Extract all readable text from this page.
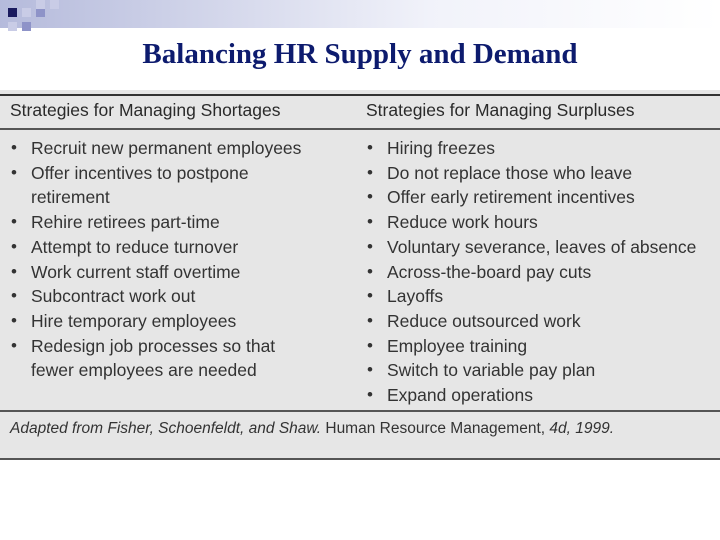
Balancing HR Supply and Demand
Strategies for Managing Shortages	Strategies for Managing Surpluses
• Recruit new permanent employees
• Offer incentives to postpone
retirement
• Rehire retirees part-time
• Attempt to reduce turnover
• Work current staff overtime
• Subcontract work out
• Hire temporary employees
• Redesign job processes so that
fewer employees are needed
• Hiring freezes
• Do not replace those who leave
• Offer early retirement incentives
• Reduce work hours
• Voluntary severance, leaves of absence
• Across-the-board pay cuts
• Layoffs
• Reduce outsourced work
• Employee training
• Switch to variable pay plan
• Expand operations
Adapted from Fisher, Schoenfeldt, and Shaw. Human Resource Management, 4d, 1999.
